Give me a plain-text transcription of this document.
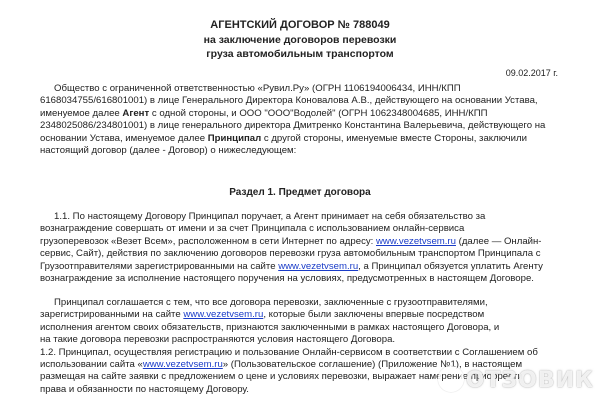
АГЕНТСКИЙ ДОГОВОР № 788049
на заключение договоров перевозки
груза автомобильным транспортом
09.02.2017 г.
Общество с ограниченной ответственностью «Рувил.Ру» (ОГРН 1106194006434, ИНН/КПП
6168034755/616801001) в лице Генерального Директора Коновалова А.В., действующего на основании Устава,
именуемое далее Агент с одной стороны, и ООО "ООО"Водолей" (ОГРН 1062348004685, ИНН/КПП
2348025086/234801001) в лице генерального директора Дмитренко Константина Валерьевича, действующего на
основании Устава, именуемое далее Принципал с другой стороны, именуемые вместе Стороны, заключили
настоящий договор (далее - Договор) о нижеследующем:
Раздел 1. Предмет договора
1.1. По настоящему Договору Принципал поручает, а Агент принимает на себя обязательство за
вознаграждение совершать от имени и за счет Принципала с использованием онлайн-сервиса
грузоперевозок «Везет Всем», расположенном в сети Интернет по адресу: www.vezetvsem.ru (далее — Онлайн-
сервис, Сайт), действия по заключению договоров перевозки груза автомобильным транспортом Принципала с
Грузоотправителями зарегистрированными на сайте www.vezetvsem.ru, а Принципал обязуется уплатить Агенту
вознаграждение за исполнение настоящего поручения на условиях, предусмотренных в настоящем Договоре.
Принципал соглашается с тем, что все договора перевозки, заключенные с грузоотправителями,
зарегистрированными на сайте www.vezetvsem.ru, которые были заключены впервые посредством
исполнения агентом своих обязательств, признаются заключенными в рамках настоящего Договора, и
на такие договора перевозки распространяются условия настоящего Договора.
1.2. Принципал, осуществляя регистрацию и пользование Онлайн-сервисом в соответствии с Соглашением об
использовании сайта «www.vezetvsem.ru» (Пользовательское соглашение) (Приложение №1), в настоящем
размещая на сайте заявки с предложением о цене и условиях перевозки, выражает намерение приобрести
права и обязанности по настоящему Договору.	ОТЗОВИК
